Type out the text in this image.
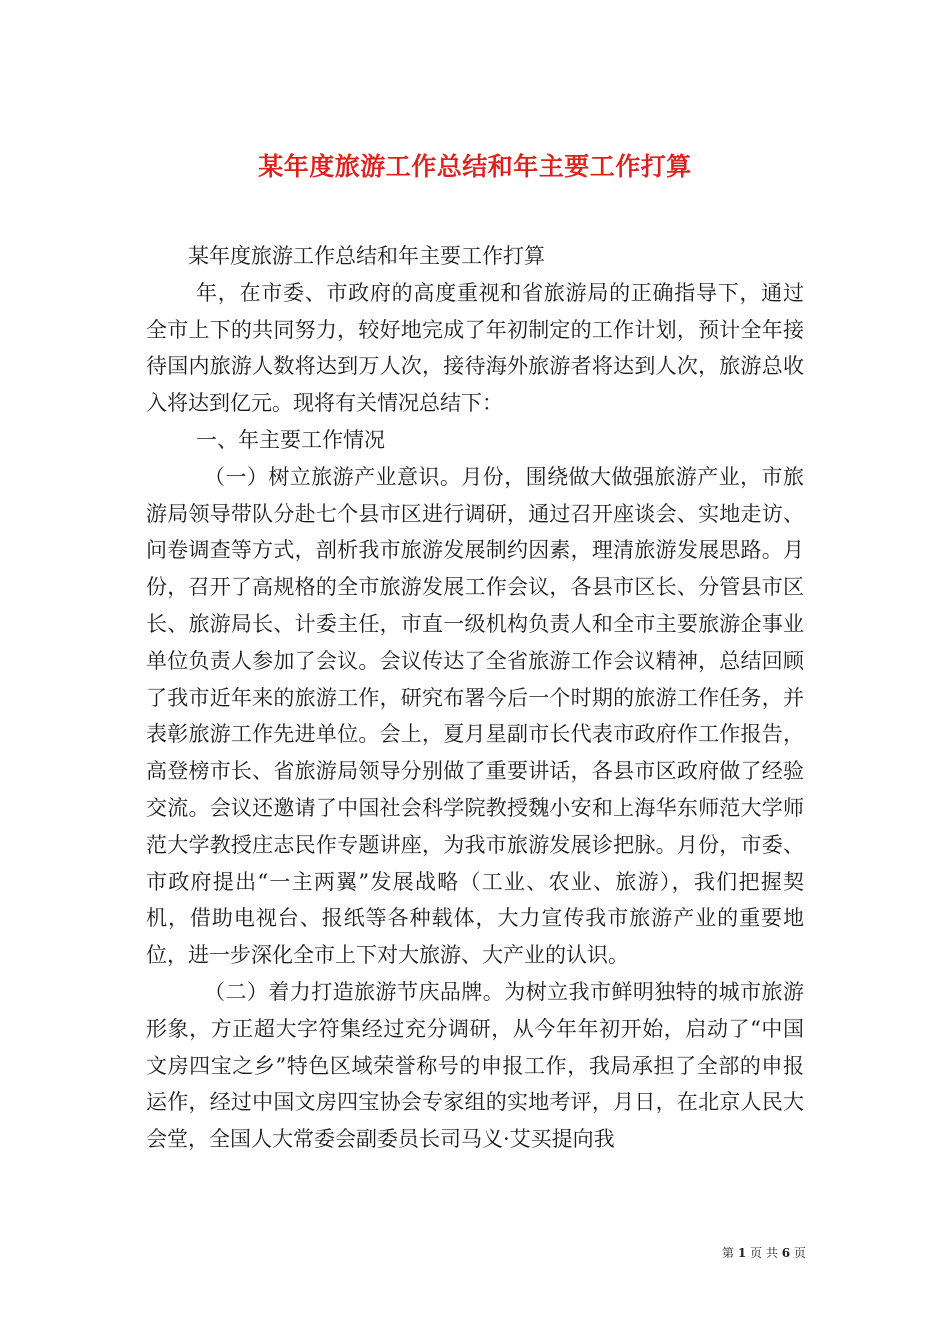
某年度旅游工作总结和年主要工作打算

某年度旅游工作总结和年主要工作打算

年，在市委、市政府的高度重视和省旅游局的正确指导下，通过全市上下的共同努力，较好地完成了年初制定的工作计划，预计全年接待国内旅游人数将达到万人次，接待海外旅游者将达到人次，旅游总收入将达到亿元。现将有关情况总结下：

一、年主要工作情况

（一）树立旅游产业意识。月份，围绕做大做强旅游产业，市旅游局领导带队分赴七个县市区进行调研，通过召开座谈会、实地走访、问卷调查等方式，剖析我市旅游发展制约因素，理清旅游发展思路。月份，召开了高规格的全市旅游发展工作会议，各县市区长、分管县市区长、旅游局长、计委主任，市直一级机构负责人和全市主要旅游企事业单位负责人参加了会议。会议传达了全省旅游工作会议精神，总结回顾了我市近年来的旅游工作，研究布署今后一个时期的旅游工作任务，并表彰旅游工作先进单位。会上，夏月星副市长代表市政府作工作报告，高登榜市长、省旅游局领导分别做了重要讲话，各县市区政府做了经验交流。会议还邀请了中国社会科学院教授魏小安和上海华东师范大学师范大学教授庄志民作专题讲座，为我市旅游发展诊把脉。月份，市委、市政府提出“一主两翼”发展战略（工业、农业、旅游），我们把握契机，借助电视台、报纸等各种载体，大力宣传我市旅游产业的重要地位，进一步深化全市上下对大旅游、大产业的认识。

（二）着力打造旅游节庆品牌。为树立我市鲜明独特的城市旅游形象，方正超大字符集经过充分调研，从今年年初开始，启动了“中国文房四宝之乡”特色区域荣誉称号的申报工作，我局承担了全部的申报运作，经过中国文房四宝协会专家组的实地考评，月日，在北京人民大会堂，全国人大常委会副委员长司马义·艾买提向我

第 1 页 共 6 页
